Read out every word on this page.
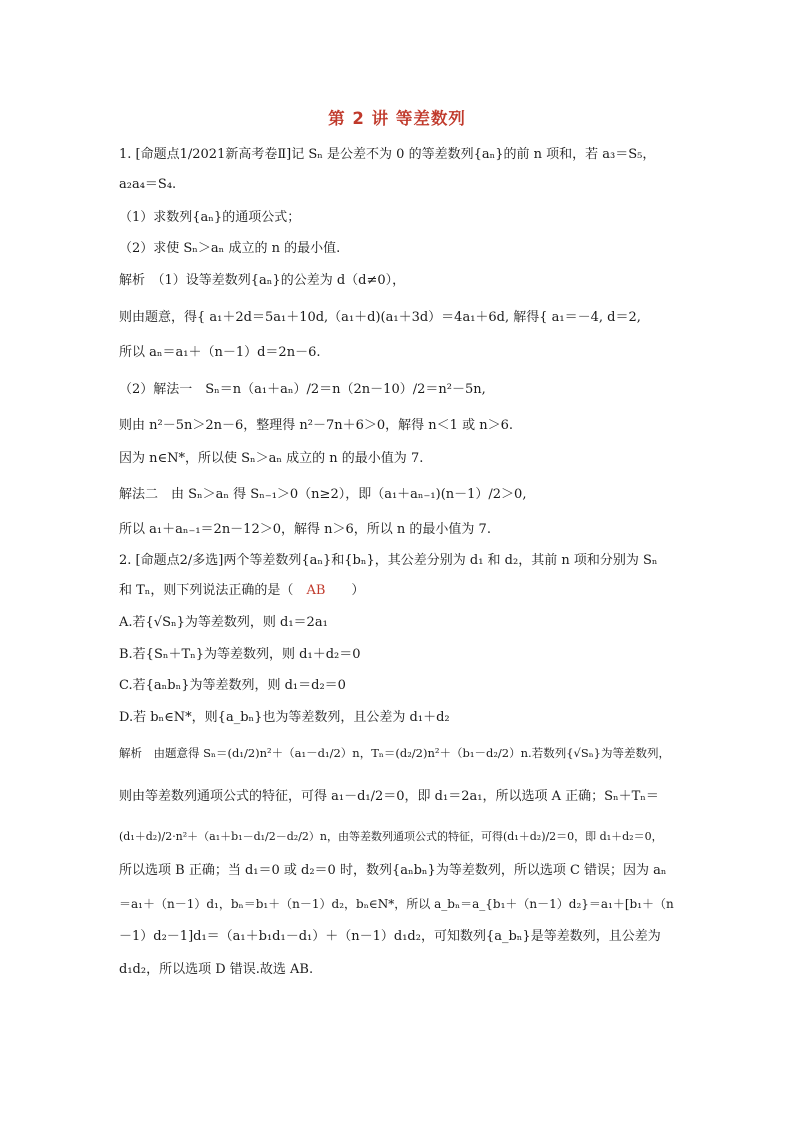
第 2 讲 等差数列
1. [命题点1/2021新高考卷Ⅱ]记 Sₙ 是公差不为 0 的等差数列{aₙ}的前 n 项和，若 a₃＝S₅，
a₂a₄＝S₄.
（1）求数列{aₙ}的通项公式；
（2）求使 Sₙ＞aₙ 成立的 n 的最小值.
解析　（1）设等差数列{aₙ}的公差为 d（d≠0），
则由题意，得{ a₁＋2d＝5a₁＋10d,（a₁＋d)(a₁＋3d）＝4a₁＋6d, 解得{ a₁＝－4, d＝2,
所以 aₙ＝a₁＋（n－1）d＝2n－6.
（2）解法一　Sₙ＝n（a₁＋aₙ）/2＝n（2n－10）/2＝n²－5n,
则由 n²－5n＞2n－6，整理得 n²－7n＋6＞0，解得 n＜1 或 n＞6.
因为 n∈N*，所以使 Sₙ＞aₙ 成立的 n 的最小值为 7.
解法二　由 Sₙ＞aₙ 得 Sₙ₋₁＞0（n≥2），即（a₁＋aₙ₋₁)(n－1）/2＞0,
所以 a₁＋aₙ₋₁＝2n－12＞0，解得 n＞6，所以 n 的最小值为 7.
2. [命题点2/多选]两个等差数列{aₙ}和{bₙ}，其公差分别为 d₁ 和 d₂，其前 n 项和分别为 Sₙ
和 Tₙ，则下列说法正确的是（　 AB　　 ）
A.若{√Sₙ}为等差数列，则 d₁＝2a₁
B.若{Sₙ＋Tₙ}为等差数列，则 d₁＋d₂＝0
C.若{aₙbₙ}为等差数列，则 d₁＝d₂＝0
D.若 bₙ∈N*，则{a_bₙ}也为等差数列，且公差为 d₁＋d₂
解析　由题意得 Sₙ＝(d₁/2)n²＋（a₁－d₁/2）n，Tₙ＝(d₂/2)n²＋（b₁－d₂/2）n.若数列{√Sₙ}为等差数列，
则由等差数列通项公式的特征，可得 a₁－d₁/2＝0，即 d₁＝2a₁，所以选项 A 正确；Sₙ＋Tₙ＝
(d₁＋d₂)/2·n²＋（a₁＋b₁－d₁/2－d₂/2）n，由等差数列通项公式的特征，可得(d₁＋d₂)/2＝0，即 d₁＋d₂＝0，
所以选项 B 正确；当 d₁＝0 或 d₂＝0 时，数列{aₙbₙ}为等差数列，所以选项 C 错误；因为 aₙ
＝a₁＋（n－1）d₁，bₙ＝b₁＋（n－1）d₂，bₙ∈N*，所以 a_bₙ＝a_{b₁＋（n－1）d₂}＝a₁＋[b₁＋（n
－1）d₂－1]d₁＝（a₁＋b₁d₁－d₁）＋（n－1）d₁d₂，可知数列{a_bₙ}是等差数列，且公差为
d₁d₂，所以选项 D 错误.故选 AB.
